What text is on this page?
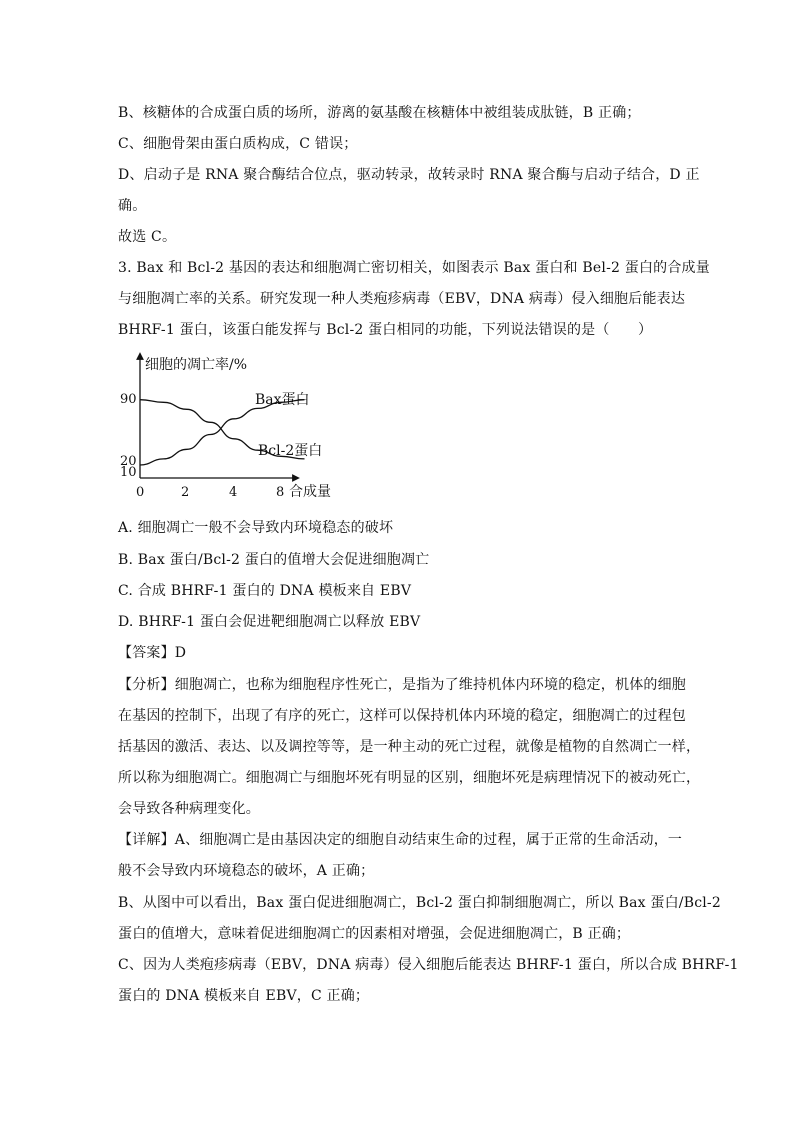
B、核糖体的合成蛋白质的场所，游离的氨基酸在核糖体中被组装成肽链，B 正确；
C、细胞骨架由蛋白质构成，C 错误；
D、启动子是 RNA 聚合酶结合位点，驱动转录，故转录时 RNA 聚合酶与启动子结合，D 正
确。
故选 C。
3. Bax 和 Bcl-2 基因的表达和细胞凋亡密切相关，如图表示 Bax 蛋白和 Bel-2 蛋白的合成量
与细胞凋亡率的关系。研究发现一种人类疱疹病毒（EBV，DNA 病毒）侵入细胞后能表达
BHRF-1 蛋白，该蛋白能发挥与 Bcl-2 蛋白相同的功能，下列说法错误的是（　　）
细胞的凋亡率/%
90
20
10
0	2	4	8 合成量
Bax蛋白
Bcl-2蛋白
A. 细胞凋亡一般不会导致内环境稳态的破坏
B. Bax 蛋白/Bcl-2 蛋白的值增大会促进细胞凋亡
C. 合成 BHRF-1 蛋白的 DNA 模板来自 EBV
D. BHRF-1 蛋白会促进靶细胞凋亡以释放 EBV
【答案】D
【分析】细胞凋亡，也称为细胞程序性死亡，是指为了维持机体内环境的稳定，机体的细胞
在基因的控制下，出现了有序的死亡，这样可以保持机体内环境的稳定，细胞凋亡的过程包
括基因的激活、表达、以及调控等等，是一种主动的死亡过程，就像是植物的自然凋亡一样，
所以称为细胞凋亡。细胞凋亡与细胞坏死有明显的区别，细胞坏死是病理情况下的被动死亡，
会导致各种病理变化。
【详解】A、细胞凋亡是由基因决定的细胞自动结束生命的过程，属于正常的生命活动，一
般不会导致内环境稳态的破坏，A 正确；
B、从图中可以看出，Bax 蛋白促进细胞凋亡，Bcl-2 蛋白抑制细胞凋亡，所以 Bax 蛋白/Bcl-2
蛋白的值增大，意味着促进细胞凋亡的因素相对增强，会促进细胞凋亡，B 正确；
C、因为人类疱疹病毒（EBV，DNA 病毒）侵入细胞后能表达 BHRF-1 蛋白，所以合成 BHRF-1
蛋白的 DNA 模板来自 EBV，C 正确；
